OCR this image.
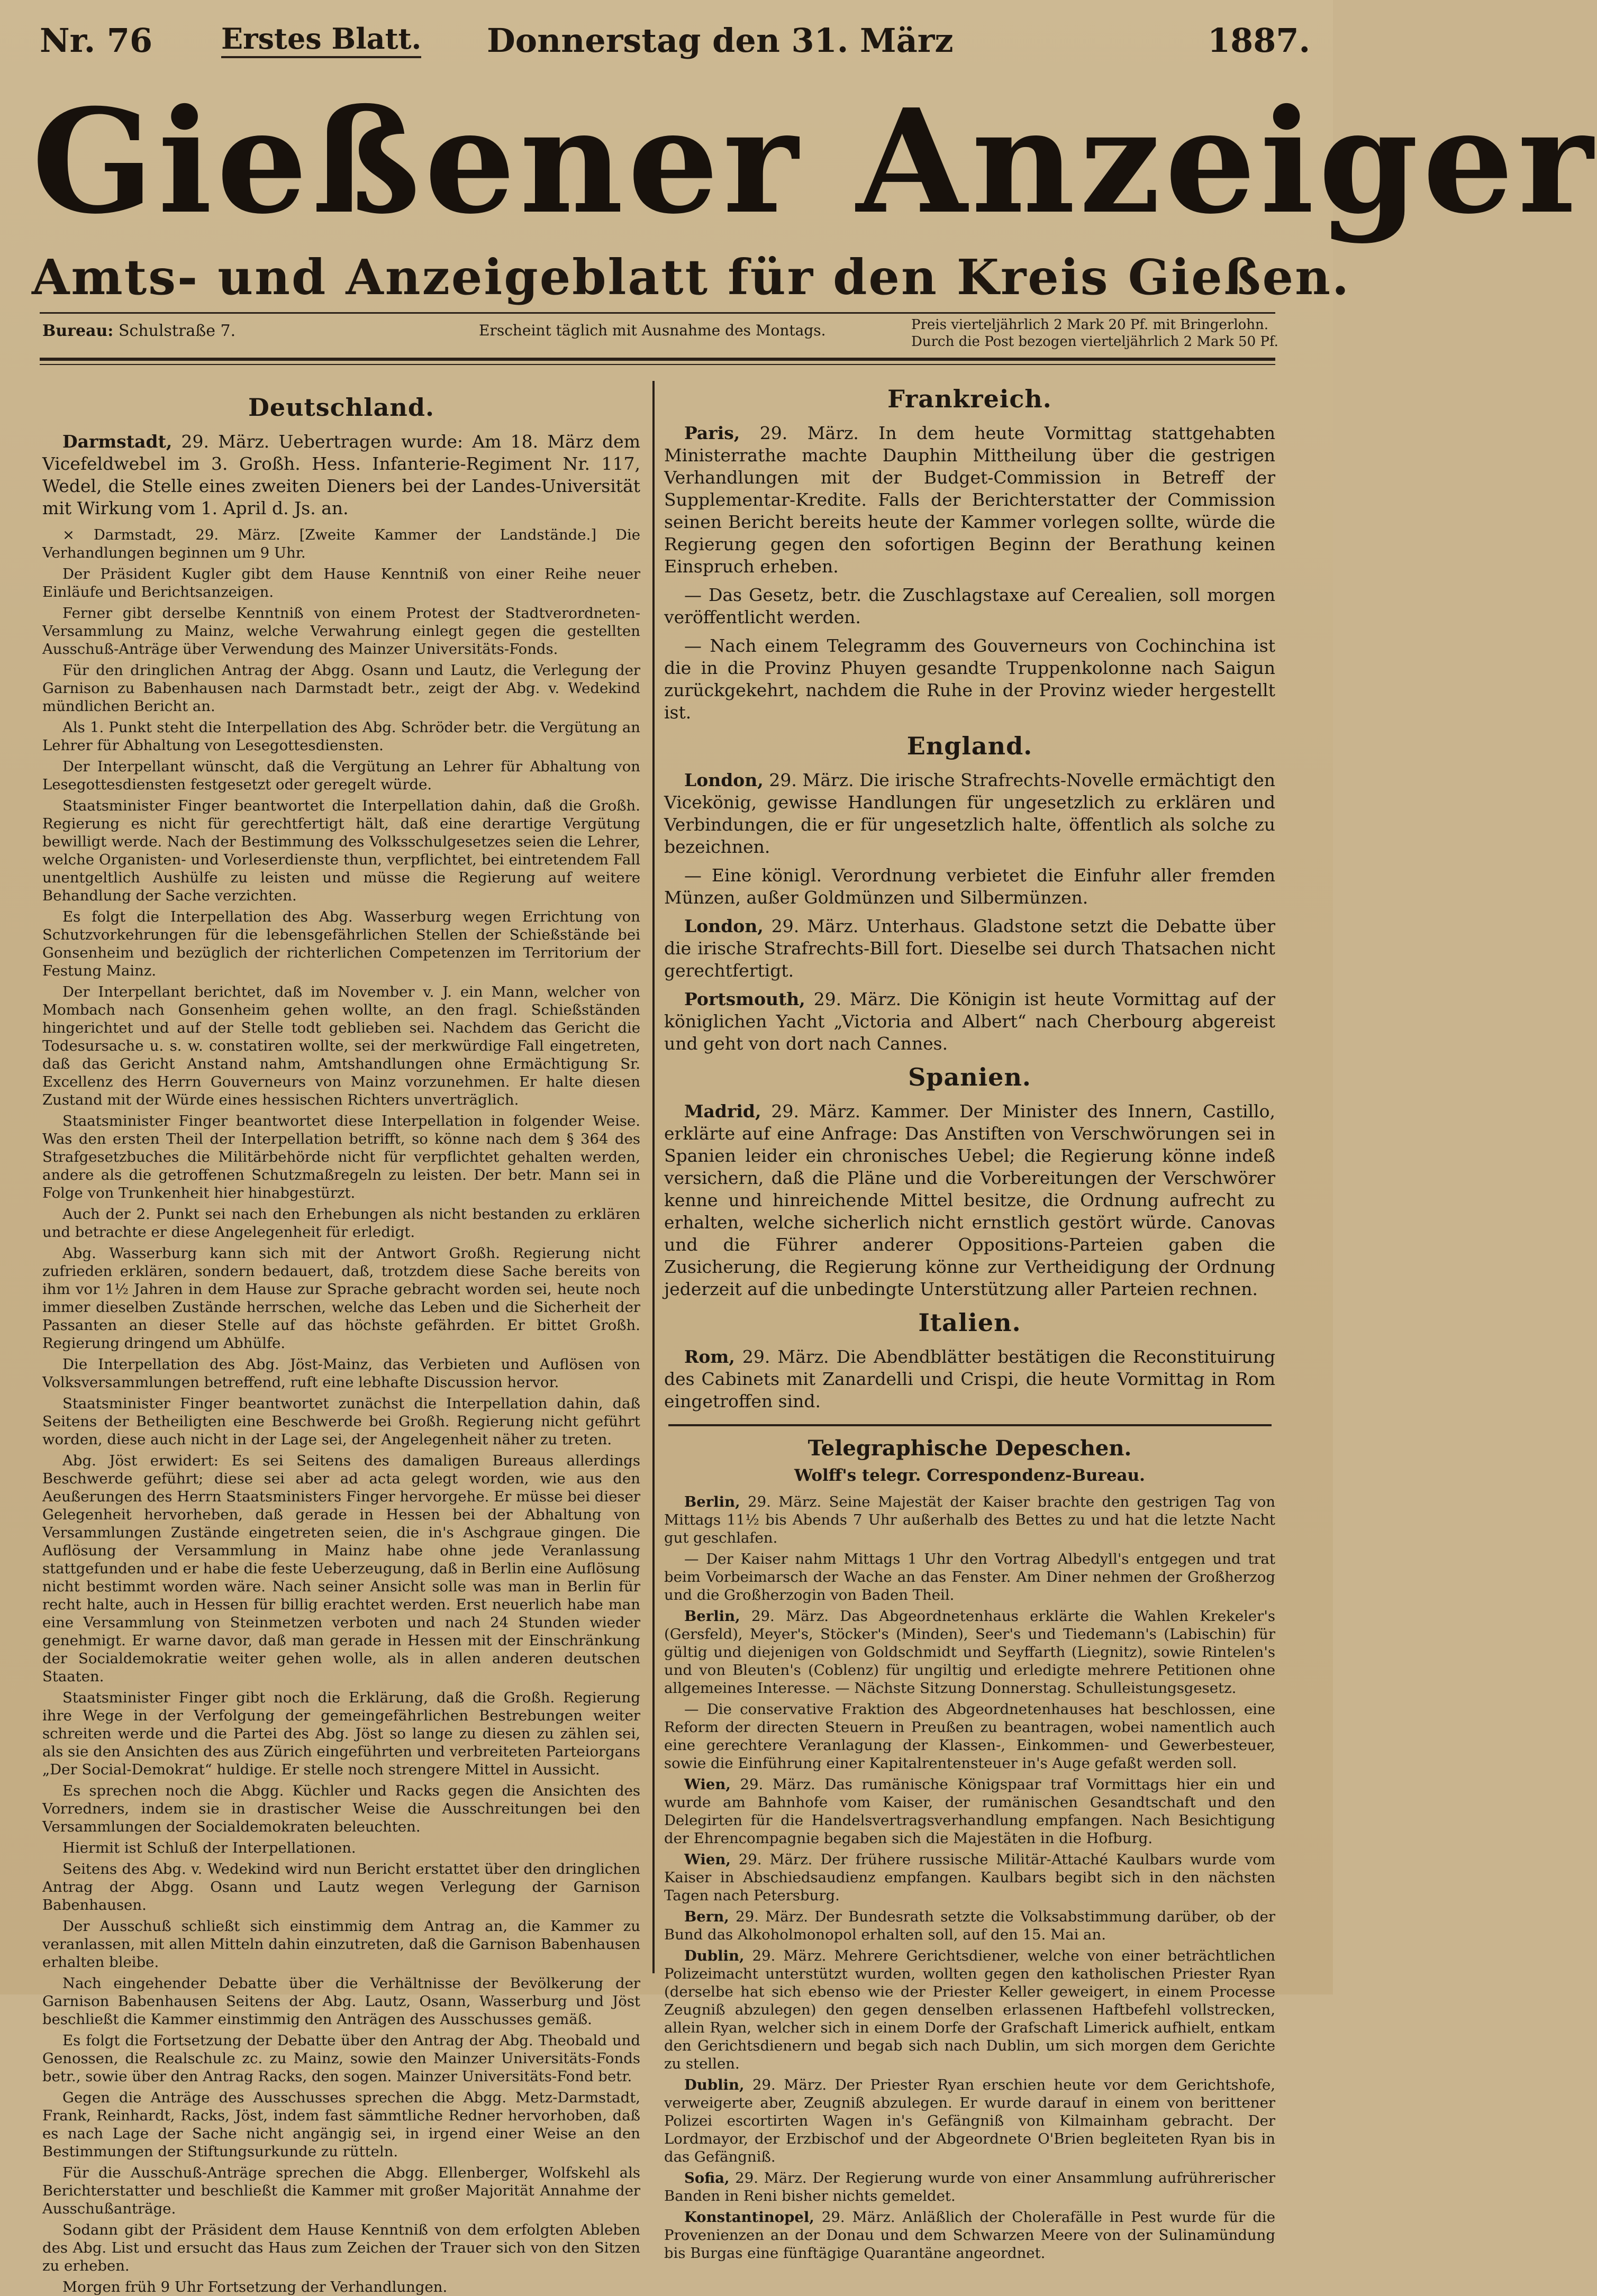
Nr. 76 Erstes Blatt. Donnerstag den 31. März	1887.
Gießener Anzeiger
Amts- und Anzeigeblatt für den Kreis Gießen.
Bureau: Schulstraße 7.	Erscheint täglich mit Ausnahme des Montags.	Preis vierteljährlich 2 Mark 20 Pf. mit Bringerlohn.
Durch die Post bezogen vierteljährlich 2 Mark 50 Pf.
Deutschland.

Darmstadt, 29. März. Uebertragen wurde: Am 18. März dem Vicefeldwebel im 3. Großh. Hess. Infanterie-Regiment Nr. 117, Wedel, die Stelle eines zweiten Dieners bei der Landes-Universität mit Wirkung vom 1. April d. Js. an.

× Darmstadt, 29. März. [Zweite Kammer der Landstände.] Die Verhandlungen beginnen um 9 Uhr.

Der Präsident Kugler gibt dem Hause Kenntniß von einer Reihe neuer Einläufe und Berichtsanzeigen.

Ferner gibt derselbe Kenntniß von einem Protest der Stadtverordneten-Versammlung zu Mainz, welche Verwahrung einlegt gegen die gestellten Ausschuß-Anträge über Verwendung des Mainzer Universitäts-Fonds.

Für den dringlichen Antrag der Abgg. Osann und Lautz, die Verlegung der Garnison zu Babenhausen nach Darmstadt betr., zeigt der Abg. v. Wedekind mündlichen Bericht an.

Als 1. Punkt steht die Interpellation des Abg. Schröder betr. die Vergütung an Lehrer für Abhaltung von Lesegottesdiensten.

Der Interpellant wünscht, daß die Vergütung an Lehrer für Abhaltung von Lesegottesdiensten festgesetzt oder geregelt würde.

Staatsminister Finger beantwortet die Interpellation dahin, daß die Großh. Regierung es nicht für gerechtfertigt hält, daß eine derartige Vergütung bewilligt werde. Nach der Bestimmung des Volksschulgesetzes seien die Lehrer, welche Organisten- und Vorleserdienste thun, verpflichtet, bei eintretendem Fall unentgeltlich Aushülfe zu leisten und müsse die Regierung auf weitere Behandlung der Sache verzichten.

Es folgt die Interpellation des Abg. Wasserburg wegen Errichtung von Schutzvorkehrungen für die lebensgefährlichen Stellen der Schießstände bei Gonsenheim und bezüglich der richterlichen Competenzen im Territorium der Festung Mainz.

Der Interpellant berichtet, daß im November v. J. ein Mann, welcher von Mombach nach Gonsenheim gehen wollte, an den fragl. Schießständen hingerichtet und auf der Stelle todt geblieben sei. Nachdem das Gericht die Todesursache u. s. w. constatiren wollte, sei der merkwürdige Fall eingetreten, daß das Gericht Anstand nahm, Amtshandlungen ohne Ermächtigung Sr. Excellenz des Herrn Gouverneurs von Mainz vorzunehmen. Er halte diesen Zustand mit der Würde eines hessischen Richters unverträglich.

Staatsminister Finger beantwortet diese Interpellation in folgender Weise. Was den ersten Theil der Interpellation betrifft, so könne nach dem § 364 des Strafgesetzbuches die Militärbehörde nicht für verpflichtet gehalten werden, andere als die getroffenen Schutzmaßregeln zu leisten. Der betr. Mann sei in Folge von Trunkenheit hier hinabgestürzt.

Auch der 2. Punkt sei nach den Erhebungen als nicht bestanden zu erklären und betrachte er diese Angelegenheit für erledigt.

Abg. Wasserburg kann sich mit der Antwort Großh. Regierung nicht zufrieden erklären, sondern bedauert, daß, trotzdem diese Sache bereits von ihm vor 1½ Jahren in dem Hause zur Sprache gebracht worden sei, heute noch immer dieselben Zustände herrschen, welche das Leben und die Sicherheit der Passanten an dieser Stelle auf das höchste gefährden. Er bittet Großh. Regierung dringend um Abhülfe.

Die Interpellation des Abg. Jöst-Mainz, das Verbieten und Auflösen von Volksversammlungen betreffend, ruft eine lebhafte Discussion hervor.

Staatsminister Finger beantwortet zunächst die Interpellation dahin, daß Seitens der Betheiligten eine Beschwerde bei Großh. Regierung nicht geführt worden, diese auch nicht in der Lage sei, der Angelegenheit näher zu treten.

Abg. Jöst erwidert: Es sei Seitens des damaligen Bureaus allerdings Beschwerde geführt; diese sei aber ad acta gelegt worden, wie aus den Aeußerungen des Herrn Staatsministers Finger hervorgehe. Er müsse bei dieser Gelegenheit hervorheben, daß gerade in Hessen bei der Abhaltung von Versammlungen Zustände eingetreten seien, die in's Aschgraue gingen. Die Auflösung der Versammlung in Mainz habe ohne jede Veranlassung stattgefunden und er habe die feste Ueberzeugung, daß in Berlin eine Auflösung nicht bestimmt worden wäre. Nach seiner Ansicht solle was man in Berlin für recht halte, auch in Hessen für billig erachtet werden. Erst neuerlich habe man eine Versammlung von Steinmetzen verboten und nach 24 Stunden wieder genehmigt. Er warne davor, daß man gerade in Hessen mit der Einschränkung der Socialdemokratie weiter gehen wolle, als in allen anderen deutschen Staaten.

Staatsminister Finger gibt noch die Erklärung, daß die Großh. Regierung ihre Wege in der Verfolgung der gemeingefährlichen Bestrebungen weiter schreiten werde und die Partei des Abg. Jöst so lange zu diesen zu zählen sei, als sie den Ansichten des aus Zürich eingeführten und verbreiteten Parteiorgans „Der Social-Demokrat“ huldige. Er stelle noch strengere Mittel in Aussicht.

Es sprechen noch die Abgg. Küchler und Racks gegen die Ansichten des Vorredners, indem sie in drastischer Weise die Ausschreitungen bei den Versammlungen der Socialdemokraten beleuchten.

Hiermit ist Schluß der Interpellationen.

Seitens des Abg. v. Wedekind wird nun Bericht erstattet über den dringlichen Antrag der Abgg. Osann und Lautz wegen Verlegung der Garnison Babenhausen.

Der Ausschuß schließt sich einstimmig dem Antrag an, die Kammer zu veranlassen, mit allen Mitteln dahin einzutreten, daß die Garnison Babenhausen erhalten bleibe.

Nach eingehender Debatte über die Verhältnisse der Bevölkerung der Garnison Babenhausen Seitens der Abg. Lautz, Osann, Wasserburg und Jöst beschließt die Kammer einstimmig den Anträgen des Ausschusses gemäß.

Es folgt die Fortsetzung der Debatte über den Antrag der Abg. Theobald und Genossen, die Realschule zc. zu Mainz, sowie den Mainzer Universitäts-Fonds betr., sowie über den Antrag Racks, den sogen. Mainzer Universitäts-Fond betr.

Gegen die Anträge des Ausschusses sprechen die Abgg. Metz-Darmstadt, Frank, Reinhardt, Racks, Jöst, indem fast sämmtliche Redner hervorhoben, daß es nach Lage der Sache nicht angängig sei, in irgend einer Weise an den Bestimmungen der Stiftungsurkunde zu rütteln.

Für die Ausschuß-Anträge sprechen die Abgg. Ellenberger, Wolfskehl als Berichterstatter und beschließt die Kammer mit großer Majorität Annahme der Ausschußanträge.

Sodann gibt der Präsident dem Hause Kenntniß von dem erfolgten Ableben des Abg. List und ersucht das Haus zum Zeichen der Trauer sich von den Sitzen zu erheben.

Morgen früh 9 Uhr Fortsetzung der Verhandlungen.

Frankreich.

Paris, 29. März. In dem heute Vormittag stattgehabten Ministerrathe machte Dauphin Mittheilung über die gestrigen Verhandlungen mit der Budget-Commission in Betreff der Supplementar-Kredite. Falls der Berichterstatter der Commission seinen Bericht bereits heute der Kammer vorlegen sollte, würde die Regierung gegen den sofortigen Beginn der Berathung keinen Einspruch erheben.

— Das Gesetz, betr. die Zuschlagstaxe auf Cerealien, soll morgen veröffentlicht werden.

— Nach einem Telegramm des Gouverneurs von Cochinchina ist die in die Provinz Phuyen gesandte Truppenkolonne nach Saigun zurückgekehrt, nachdem die Ruhe in der Provinz wieder hergestellt ist.

England.

London, 29. März. Die irische Strafrechts-Novelle ermächtigt den Vicekönig, gewisse Handlungen für ungesetzlich zu erklären und Verbindungen, die er für ungesetzlich halte, öffentlich als solche zu bezeichnen.

— Eine königl. Verordnung verbietet die Einfuhr aller fremden Münzen, außer Goldmünzen und Silbermünzen.

London, 29. März. Unterhaus. Gladstone setzt die Debatte über die irische Strafrechts-Bill fort. Dieselbe sei durch Thatsachen nicht gerechtfertigt.

Portsmouth, 29. März. Die Königin ist heute Vormittag auf der königlichen Yacht „Victoria and Albert“ nach Cherbourg abgereist und geht von dort nach Cannes.

Spanien.

Madrid, 29. März. Kammer. Der Minister des Innern, Castillo, erklärte auf eine Anfrage: Das Anstiften von Verschwörungen sei in Spanien leider ein chronisches Uebel; die Regierung könne indeß versichern, daß die Pläne und die Vorbereitungen der Verschwörer kenne und hinreichende Mittel besitze, die Ordnung aufrecht zu erhalten, welche sicherlich nicht ernstlich gestört würde. Canovas und die Führer anderer Oppositions-Parteien gaben die Zusicherung, die Regierung könne zur Vertheidigung der Ordnung jederzeit auf die unbedingte Unterstützung aller Parteien rechnen.

Italien.

Rom, 29. März. Die Abendblätter bestätigen die Reconstituirung des Cabinets mit Zanardelli und Crispi, die heute Vormittag in Rom eingetroffen sind.

Telegraphische Depeschen.
Wolff's telegr. Correspondenz-Bureau.

Berlin, 29. März. Seine Majestät der Kaiser brachte den gestrigen Tag von Mittags 11½ bis Abends 7 Uhr außerhalb des Bettes zu und hat die letzte Nacht gut geschlafen.

— Der Kaiser nahm Mittags 1 Uhr den Vortrag Albedyll's entgegen und trat beim Vorbeimarsch der Wache an das Fenster. Am Diner nehmen der Großherzog und die Großherzogin von Baden Theil.

Berlin, 29. März. Das Abgeordnetenhaus erklärte die Wahlen Krekeler's (Gersfeld), Meyer's, Stöcker's (Minden), Seer's und Tiedemann's (Labischin) für gültig und diejenigen von Goldschmidt und Seyffarth (Liegnitz), sowie Rintelen's und von Bleuten's (Coblenz) für ungiltig und erledigte mehrere Petitionen ohne allgemeines Interesse. — Nächste Sitzung Donnerstag. Schulleistungsgesetz.

— Die conservative Fraktion des Abgeordnetenhauses hat beschlossen, eine Reform der directen Steuern in Preußen zu beantragen, wobei namentlich auch eine gerechtere Veranlagung der Klassen-, Einkommen- und Gewerbesteuer, sowie die Einführung einer Kapitalrentensteuer in's Auge gefaßt werden soll.

Wien, 29. März. Das rumänische Königspaar traf Vormittags hier ein und wurde am Bahnhofe vom Kaiser, der rumänischen Gesandtschaft und den Delegirten für die Handelsvertragsverhandlung empfangen. Nach Besichtigung der Ehrencompagnie begaben sich die Majestäten in die Hofburg.

Wien, 29. März. Der frühere russische Militär-Attaché Kaulbars wurde vom Kaiser in Abschiedsaudienz empfangen. Kaulbars begibt sich in den nächsten Tagen nach Petersburg.

Bern, 29. März. Der Bundesrath setzte die Volksabstimmung darüber, ob der Bund das Alkoholmonopol erhalten soll, auf den 15. Mai an.

Dublin, 29. März. Mehrere Gerichtsdiener, welche von einer beträchtlichen Polizeimacht unterstützt wurden, wollten gegen den katholischen Priester Ryan (derselbe hat sich ebenso wie der Priester Keller geweigert, in einem Processe Zeugniß abzulegen) den gegen denselben erlassenen Haftbefehl vollstrecken, allein Ryan, welcher sich in einem Dorfe der Grafschaft Limerick aufhielt, entkam den Gerichtsdienern und begab sich nach Dublin, um sich morgen dem Gerichte zu stellen.

Dublin, 29. März. Der Priester Ryan erschien heute vor dem Gerichtshofe, verweigerte aber, Zeugniß abzulegen. Er wurde darauf in einem von berittener Polizei escortirten Wagen in's Gefängniß von Kilmainham gebracht. Der Lordmayor, der Erzbischof und der Abgeordnete O'Brien begleiteten Ryan bis in das Gefängniß.

Sofia, 29. März. Der Regierung wurde von einer Ansammlung aufrührerischer Banden in Reni bisher nichts gemeldet.

Konstantinopel, 29. März. Anläßlich der Cholerafälle in Pest wurde für die Provenienzen an der Donau und dem Schwarzen Meere von der Sulinamündung bis Burgas eine fünftägige Quarantäne angeordnet.
